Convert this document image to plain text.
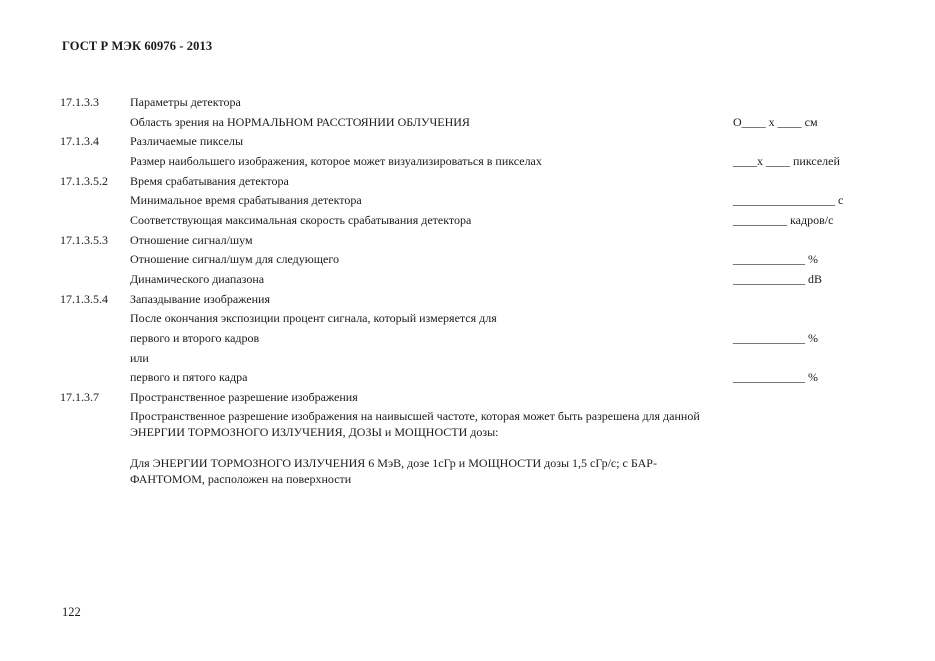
ГОСТ Р МЭК 60976 - 2013
17.1.3.3	Параметры детектора
Область зрения на НОРМАЛЬНОМ РАССТОЯНИИ ОБЛУЧЕНИЯ	O____ x ____ см
17.1.3.4	Различаемые пикселы
Размер наибольшего изображения, которое может визуализироваться в пикселах	____x ____ пикселей
17.1.3.5.2 Время срабатывания детектора
Минимальное время срабатывания детектора	_________________ с
Соответствующая максимальная скорость срабатывания детектора	_________ кадров/с
17.1.3.5.3 Отношение сигнал/шум
Отношение сигнал/шум для следующего	____________ %
Динамического диапазона	____________ dB
17.1.3.5.4 Запаздывание изображения
После окончания экспозиции процент сигнала, который измеряется для
первого и второго кадров	____________ %
или
первого и пятого кадра	____________ %
17.1.3.7	Пространственное разрешение изображения
Пространственное разрешение изображения на наивысшей частоте, которая может быть разрешена для данной ЭНЕРГИИ ТОРМОЗНОГО ИЗЛУЧЕНИЯ, ДОЗЫ и МОЩНОСТИ дозы:
Для ЭНЕРГИИ ТОРМОЗНОГО ИЗЛУЧЕНИЯ 6 МэВ, дозе 1сГр и МОЩНОСТИ дозы 1,5 сГр/с; с БАР-ФАНТОМОМ, расположен на поверхности
122
